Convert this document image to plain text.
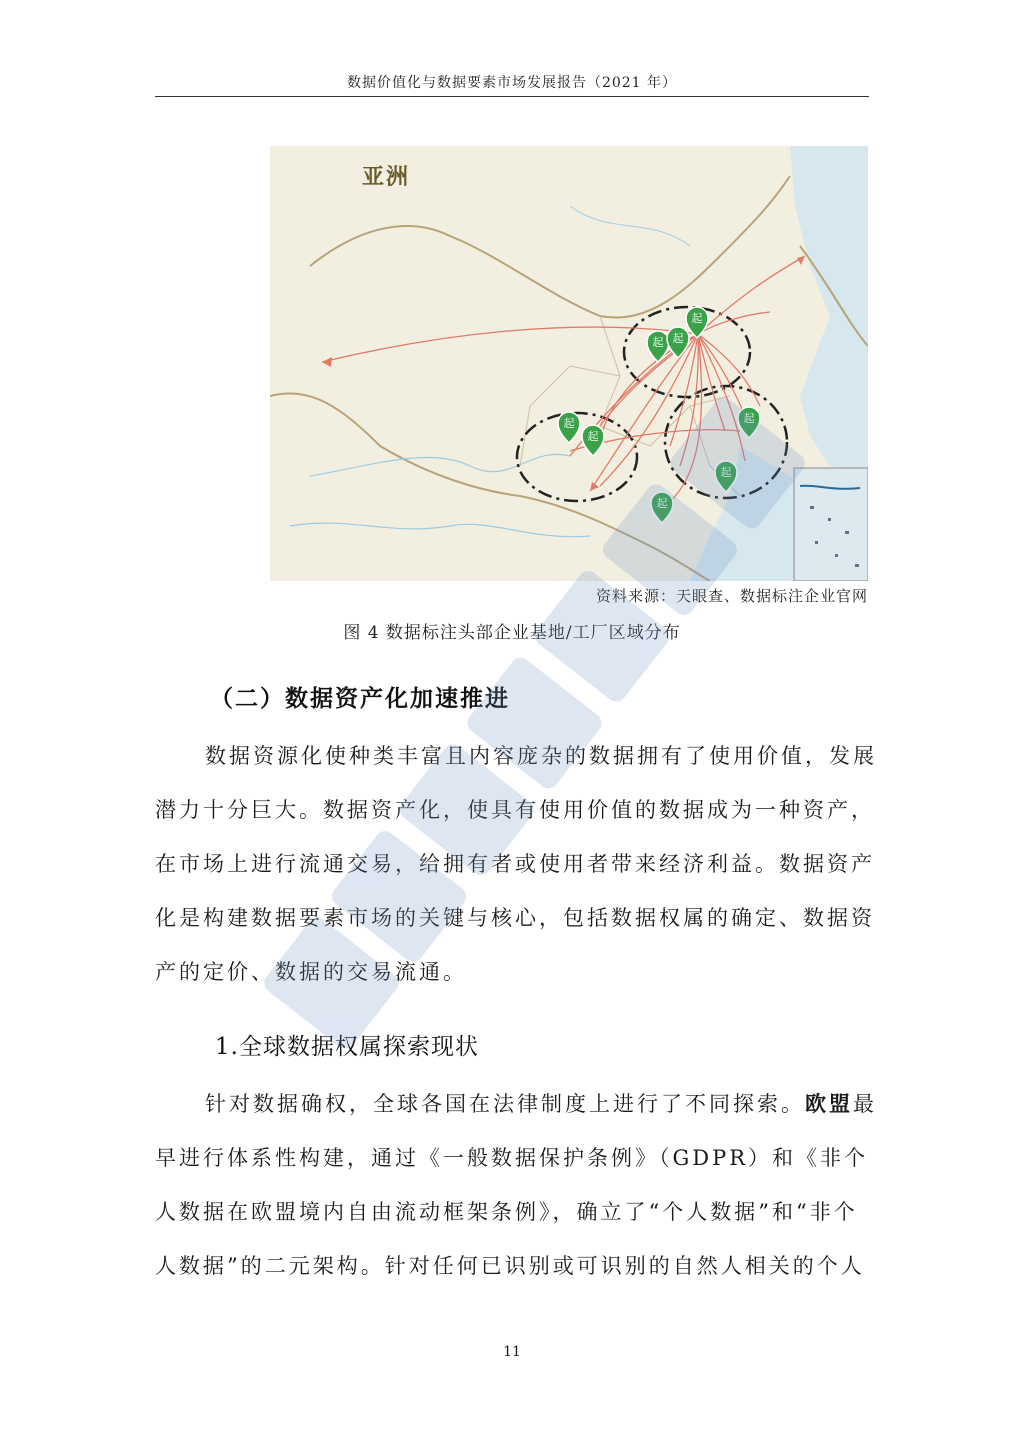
数据价值化与数据要素市场发展报告（2021 年）
起
起 起
起
起
起
起
起
亚洲
资料来源：天眼查、数据标注企业官网
图 4 数据标注头部企业基地/工厂区域分布
（二）数据资产化加速推进
数据资源化使种类丰富且内容庞杂的数据拥有了使用价值，发展
潜力十分巨大。数据资产化，使具有使用价值的数据成为一种资产，
在市场上进行流通交易，给拥有者或使用者带来经济利益。数据资产
化是构建数据要素市场的关键与核心，包括数据权属的确定、数据资
产的定价、数据的交易流通。
1.全球数据权属探索现状
针对数据确权，全球各国在法律制度上进行了不同探索。欧盟最
早进行体系性构建，通过《一般数据保护条例》（GDPR）和《非个
人数据在欧盟境内自由流动框架条例》，确立了“个人数据”和“非个
人数据”的二元架构。针对任何已识别或可识别的自然人相关的个人
11
